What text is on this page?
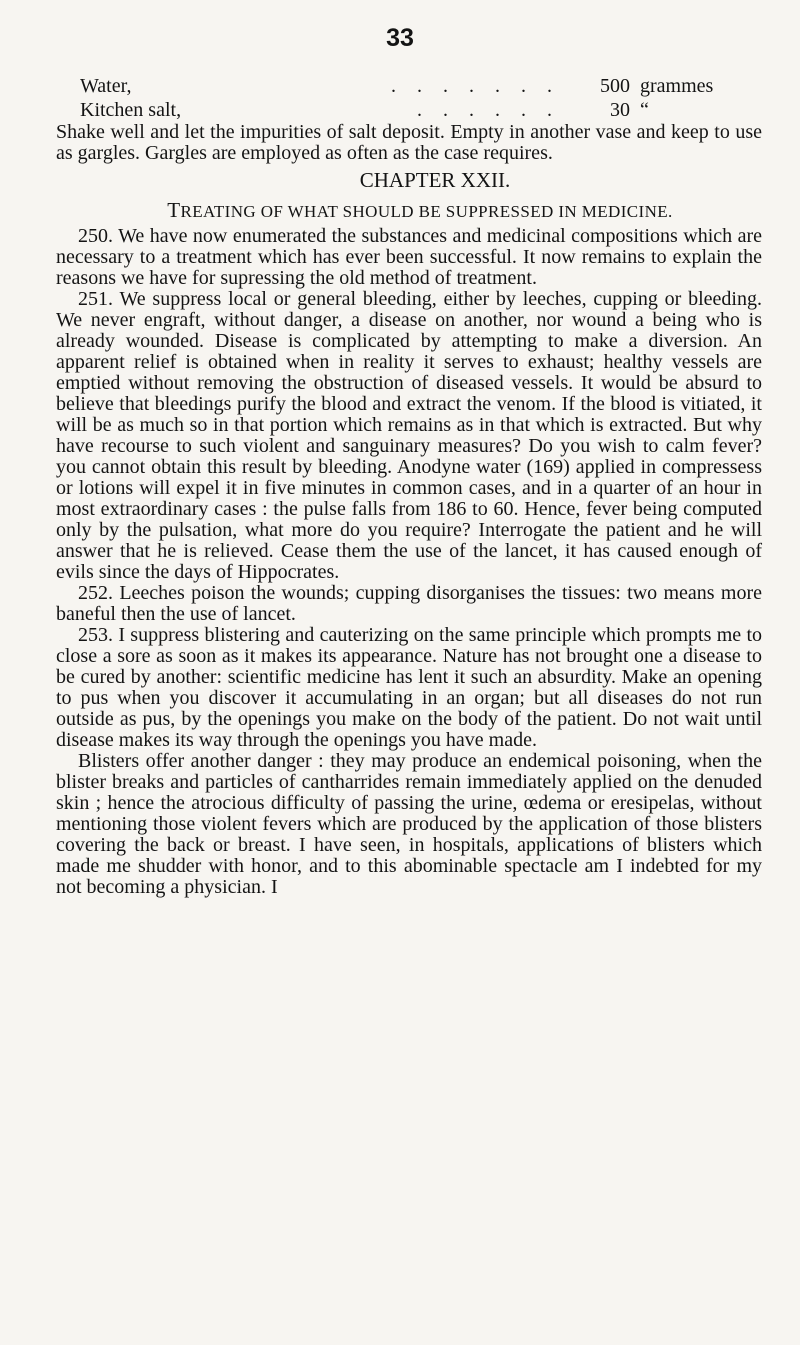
33
Water,	. . . . . . .	500 grammes
Kitchen salt,	. . . . . .	30 “

Shake well and let the impurities of salt deposit. Empty in another vase and keep to use as gargles. Gargles are employed as often as the case requires.

CHAPTER XXII.

TREATING OF WHAT SHOULD BE SUPPRESSED IN MEDICINE.

250. We have now enumerated the substances and medicinal compositions which are necessary to a treatment which has ever been successful. It now remains to explain the reasons we have for supressing the old method of treatment.

251. We suppress local or general bleeding, either by leeches, cupping or bleeding. We never engraft, without danger, a disease on another, nor wound a being who is already wounded. Disease is complicated by attempting to make a diversion. An apparent relief is obtained when in reality it serves to exhaust; healthy vessels are emptied without removing the obstruction of diseased vessels. It would be absurd to believe that bleedings purify the blood and extract the venom. If the blood is vitiated, it will be as much so in that portion which remains as in that which is extracted. But why have recourse to such violent and sanguinary measures? Do you wish to calm fever? you cannot obtain this result by bleeding. Anodyne water (169) applied in compressess or lotions will expel it in five minutes in common cases, and in a quarter of an hour in most extraordinary cases : the pulse falls from 186 to 60. Hence, fever being computed only by the pulsation, what more do you require? Interrogate the patient and he will answer that he is relieved. Cease them the use of the lancet, it has caused enough of evils since the days of Hippocrates.

252. Leeches poison the wounds; cupping disorganises the tissues: two means more baneful then the use of lancet.

253. I suppress blistering and cauterizing on the same principle which prompts me to close a sore as soon as it makes its appearance. Nature has not brought one a disease to be cured by another: scientific medicine has lent it such an absurdity. Make an opening to pus when you discover it accumulating in an organ; but all diseases do not run outside as pus, by the openings you make on the body of the patient. Do not wait until disease makes its way through the openings you have made.

Blisters offer another danger : they may produce an endemical poisoning, when the blister breaks and particles of cantharrides remain immediately applied on the denuded skin ; hence the atrocious difficulty of passing the urine, œdema or eresipelas, without mentioning those violent fevers which are produced by the application of those blisters covering the back or breast. I have seen, in hospitals, applications of blisters which made me shudder with honor, and to this abominable spectacle am I indebted for my not becoming a physician. I
